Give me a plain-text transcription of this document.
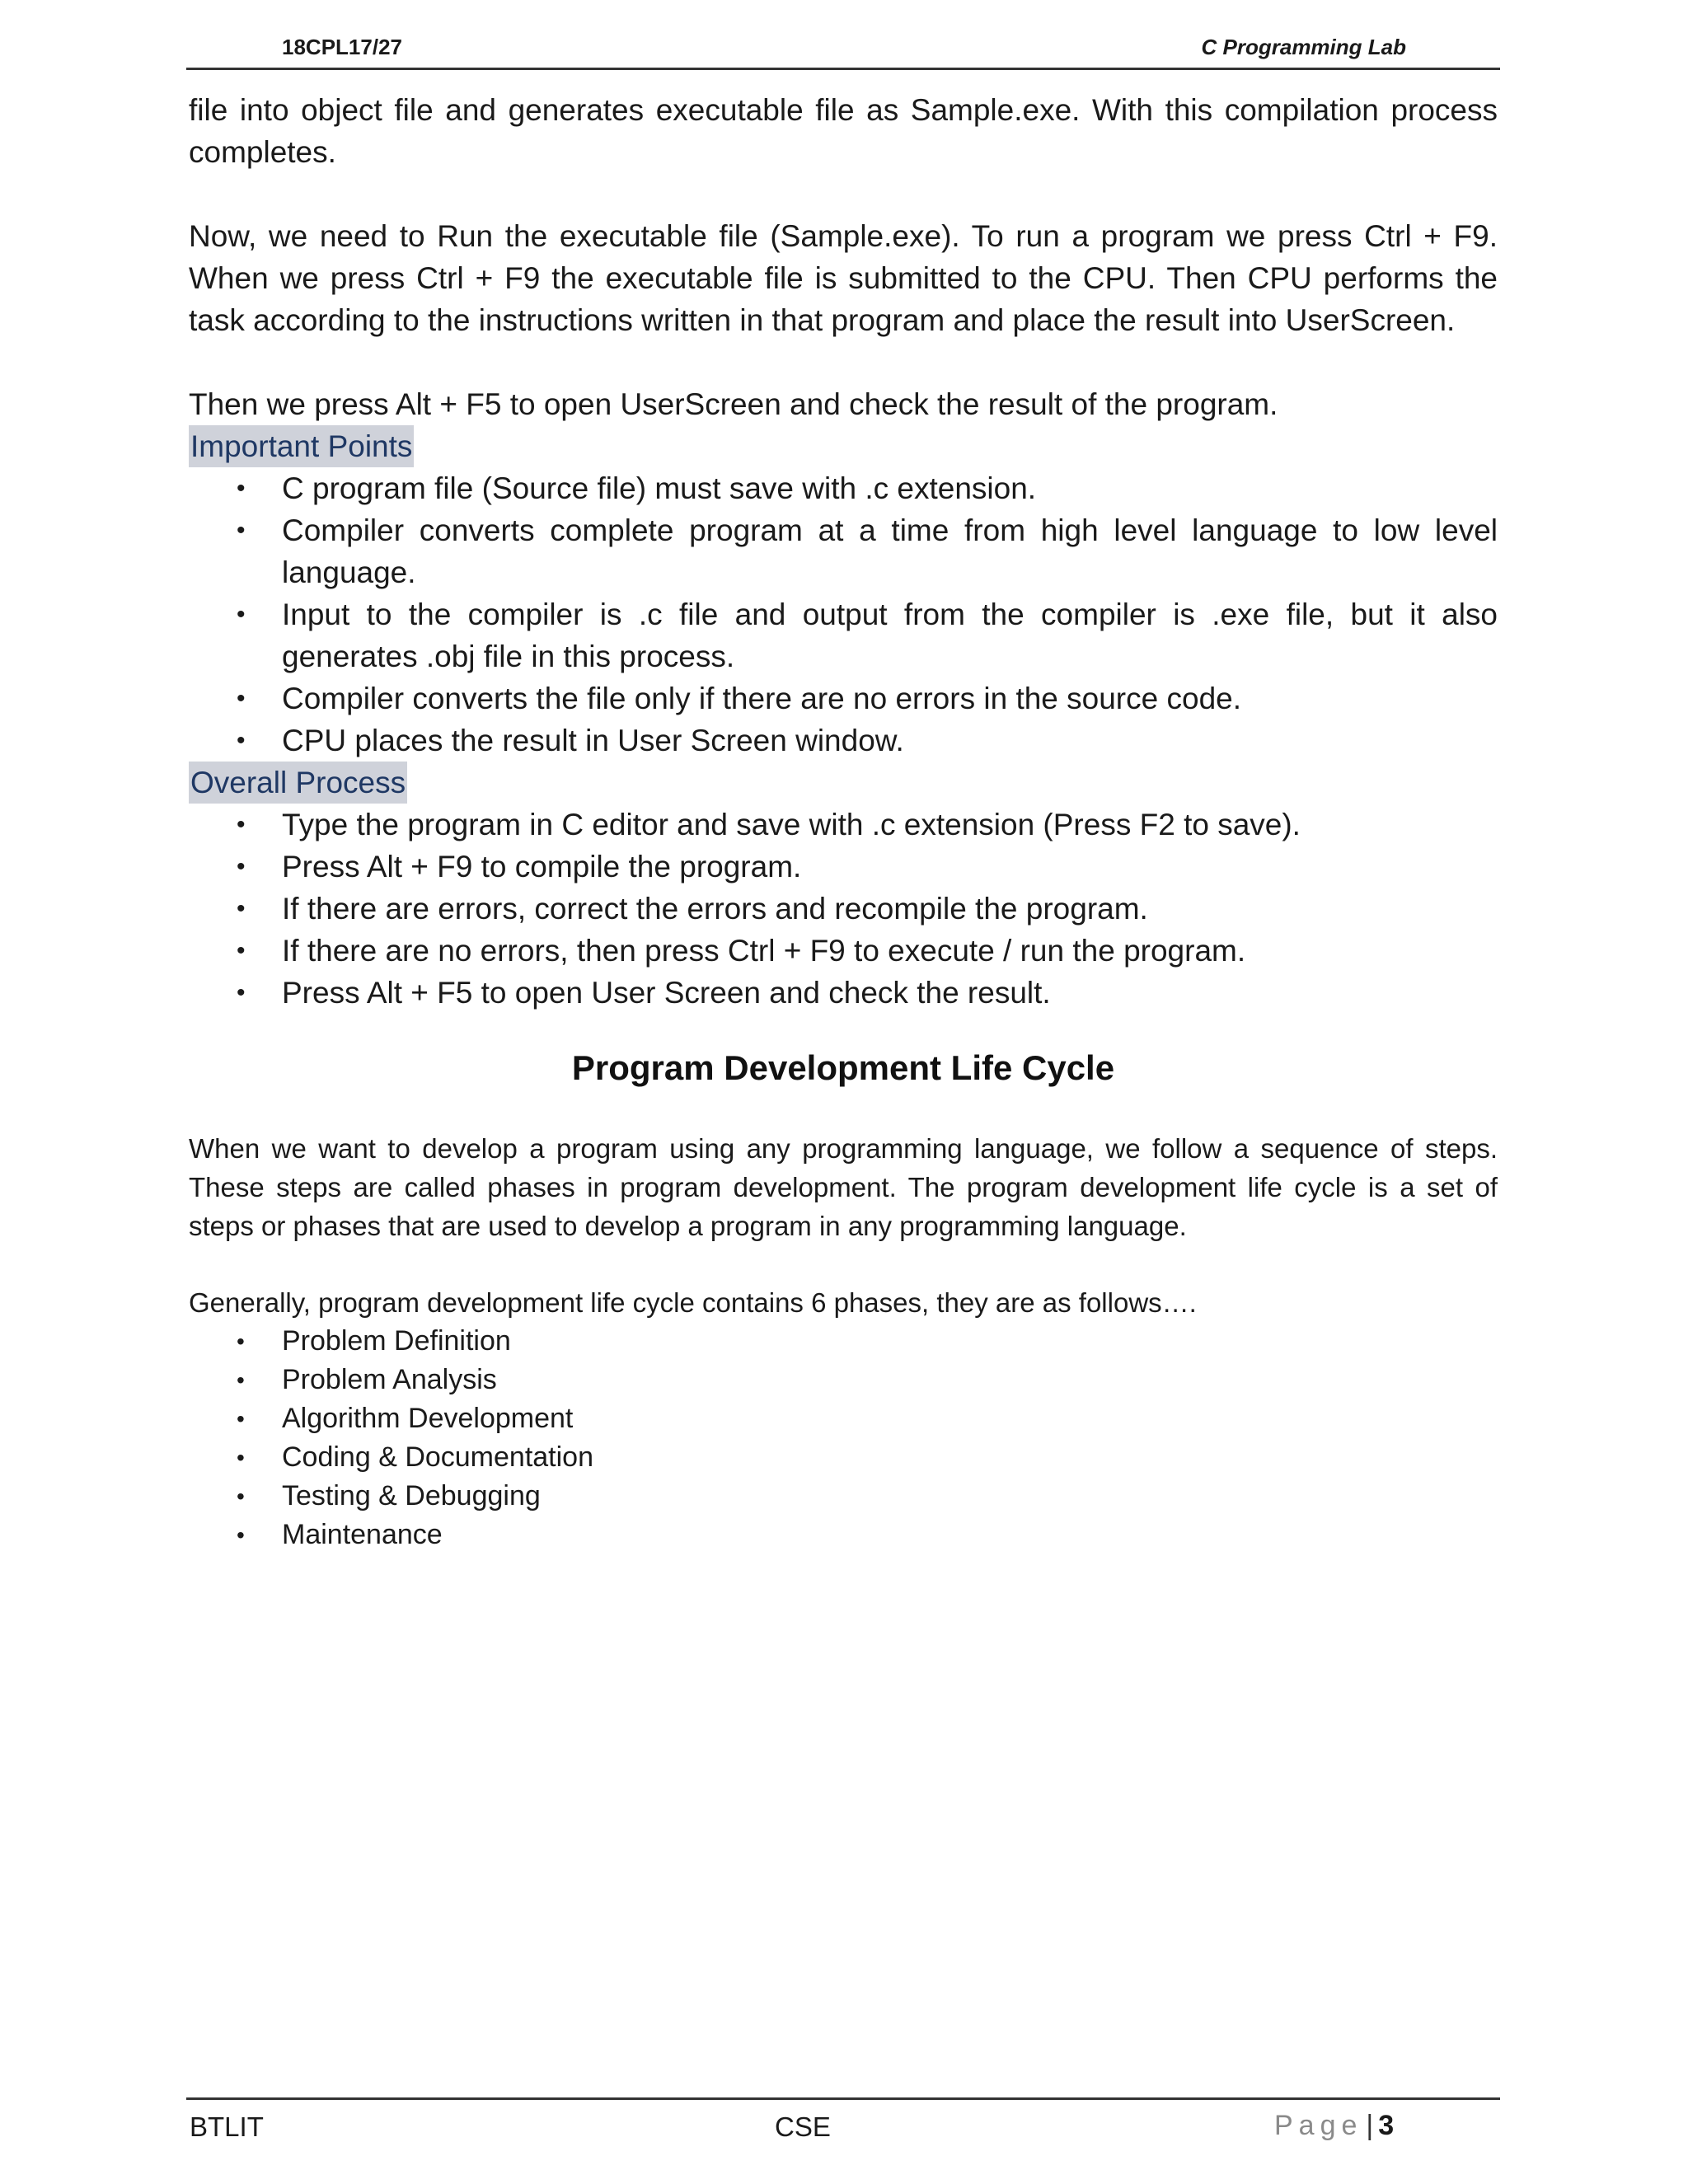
18CPL17/27	C Programming Lab

file into object file and generates executable file as Sample.exe. With this compilation process completes.

Now, we need to Run the executable file (Sample.exe). To run a program we press Ctrl + F9. When we press Ctrl + F9 the executable file is submitted to the CPU. Then CPU performs the task according to the instructions written in that program and place the result into UserScreen.

Then we press Alt + F5 to open UserScreen and check the result of the program.

Important Points
• C program file (Source file) must save with .c extension.
• Compiler converts complete program at a time from high level language to low level language.
• Input to the compiler is .c file and output from the compiler is .exe file, but it also generates .obj file in this process.
• Compiler converts the file only if there are no errors in the source code.
• CPU places the result in User Screen window.
Overall Process
• Type the program in C editor and save with .c extension (Press F2 to save).
• Press Alt + F9 to compile the program.
• If there are errors, correct the errors and recompile the program.
• If there are no errors, then press Ctrl + F9 to execute / run the program.
• Press Alt + F5 to open User Screen and check the result.
Program Development Life Cycle

When we want to develop a program using any programming language, we follow a sequence of steps. These steps are called phases in program development. The program development life cycle is a set of steps or phases that are used to develop a program in any programming language.

Generally, program development life cycle contains 6 phases, they are as follows….

• Problem Definition
• Problem Analysis
• Algorithm Development
• Coding & Documentation
• Testing & Debugging
• Maintenance
BTLIT	CSE	Page | 3
